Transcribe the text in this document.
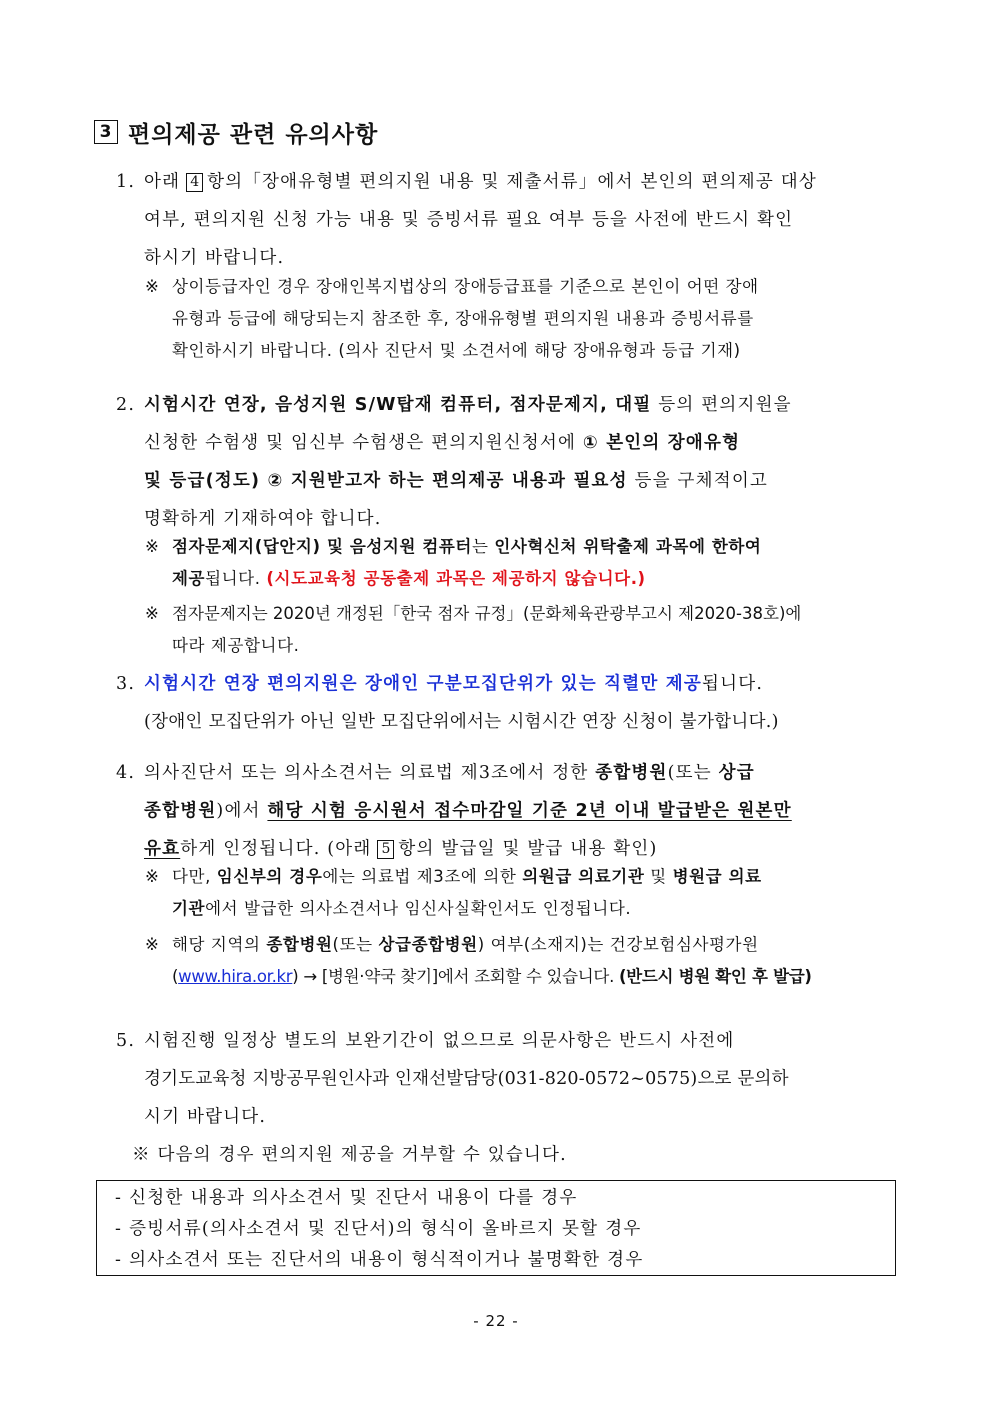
3 편의제공 관련 유의사항
1. 아래 4 항의「장애유형별 편의지원 내용 및 제출서류」에서 본인의 편의제공 대상
여부, 편의지원 신청 가능 내용 및 증빙서류 필요 여부 등을 사전에 반드시 확인
하시기 바랍니다.
※ 상이등급자인 경우 장애인복지법상의 장애등급표를 기준으로 본인이 어떤 장애
유형과 등급에 해당되는지 참조한 후, 장애유형별 편의지원 내용과 증빙서류를
확인하시기 바랍니다. (의사 진단서 및 소견서에 해당 장애유형과 등급 기재)
2. 시험시간 연장, 음성지원 S/W탑재 컴퓨터, 점자문제지, 대필 등의 편의지원을
신청한 수험생 및 임신부 수험생은 편의지원신청서에 ① 본인의 장애유형
및 등급(정도) ② 지원받고자 하는 편의제공 내용과 필요성 등을 구체적이고
명확하게 기재하여야 합니다.
※ 점자문제지(답안지) 및 음성지원 컴퓨터는 인사혁신처 위탁출제 과목에 한하여
제공됩니다. (시도교육청 공동출제 과목은 제공하지 않습니다.)
※ 점자문제지는 2020년 개정된「한국 점자 규정」(문화체육관광부고시 제2020-38호)에
따라 제공합니다.
3. 시험시간 연장 편의지원은 장애인 구분모집단위가 있는 직렬만 제공됩니다.
(장애인 모집단위가 아닌 일반 모집단위에서는 시험시간 연장 신청이 불가합니다.)
4. 의사진단서 또는 의사소견서는 의료법 제3조에서 정한 종합병원(또는 상급
종합병원)에서 해당 시험 응시원서 접수마감일 기준 2년 이내 발급받은 원본만
유효하게 인정됩니다. (아래 5 항의 발급일 및 발급 내용 확인)
※ 다만, 임신부의 경우에는 의료법 제3조에 의한 의원급 의료기관 및 병원급 의료
기관에서 발급한 의사소견서나 임신사실확인서도 인정됩니다.
※ 해당 지역의 종합병원(또는 상급종합병원) 여부(소재지)는 건강보험심사평가원
(www.hira.or.kr) → [병원·약국 찾기]에서 조회할 수 있습니다. (반드시 병원 확인 후 발급)
5. 시험진행 일정상 별도의 보완기간이 없으므로 의문사항은 반드시 사전에
경기도교육청 지방공무원인사과 인재선발담당(031-820-0572~0575)으로 문의하
시기 바랍니다.
※ 다음의 경우 편의지원 제공을 거부할 수 있습니다.
- 신청한 내용과 의사소견서 및 진단서 내용이 다를 경우
- 증빙서류(의사소견서 및 진단서)의 형식이 올바르지 못할 경우
- 의사소견서 또는 진단서의 내용이 형식적이거나 불명확한 경우
- 22 -
